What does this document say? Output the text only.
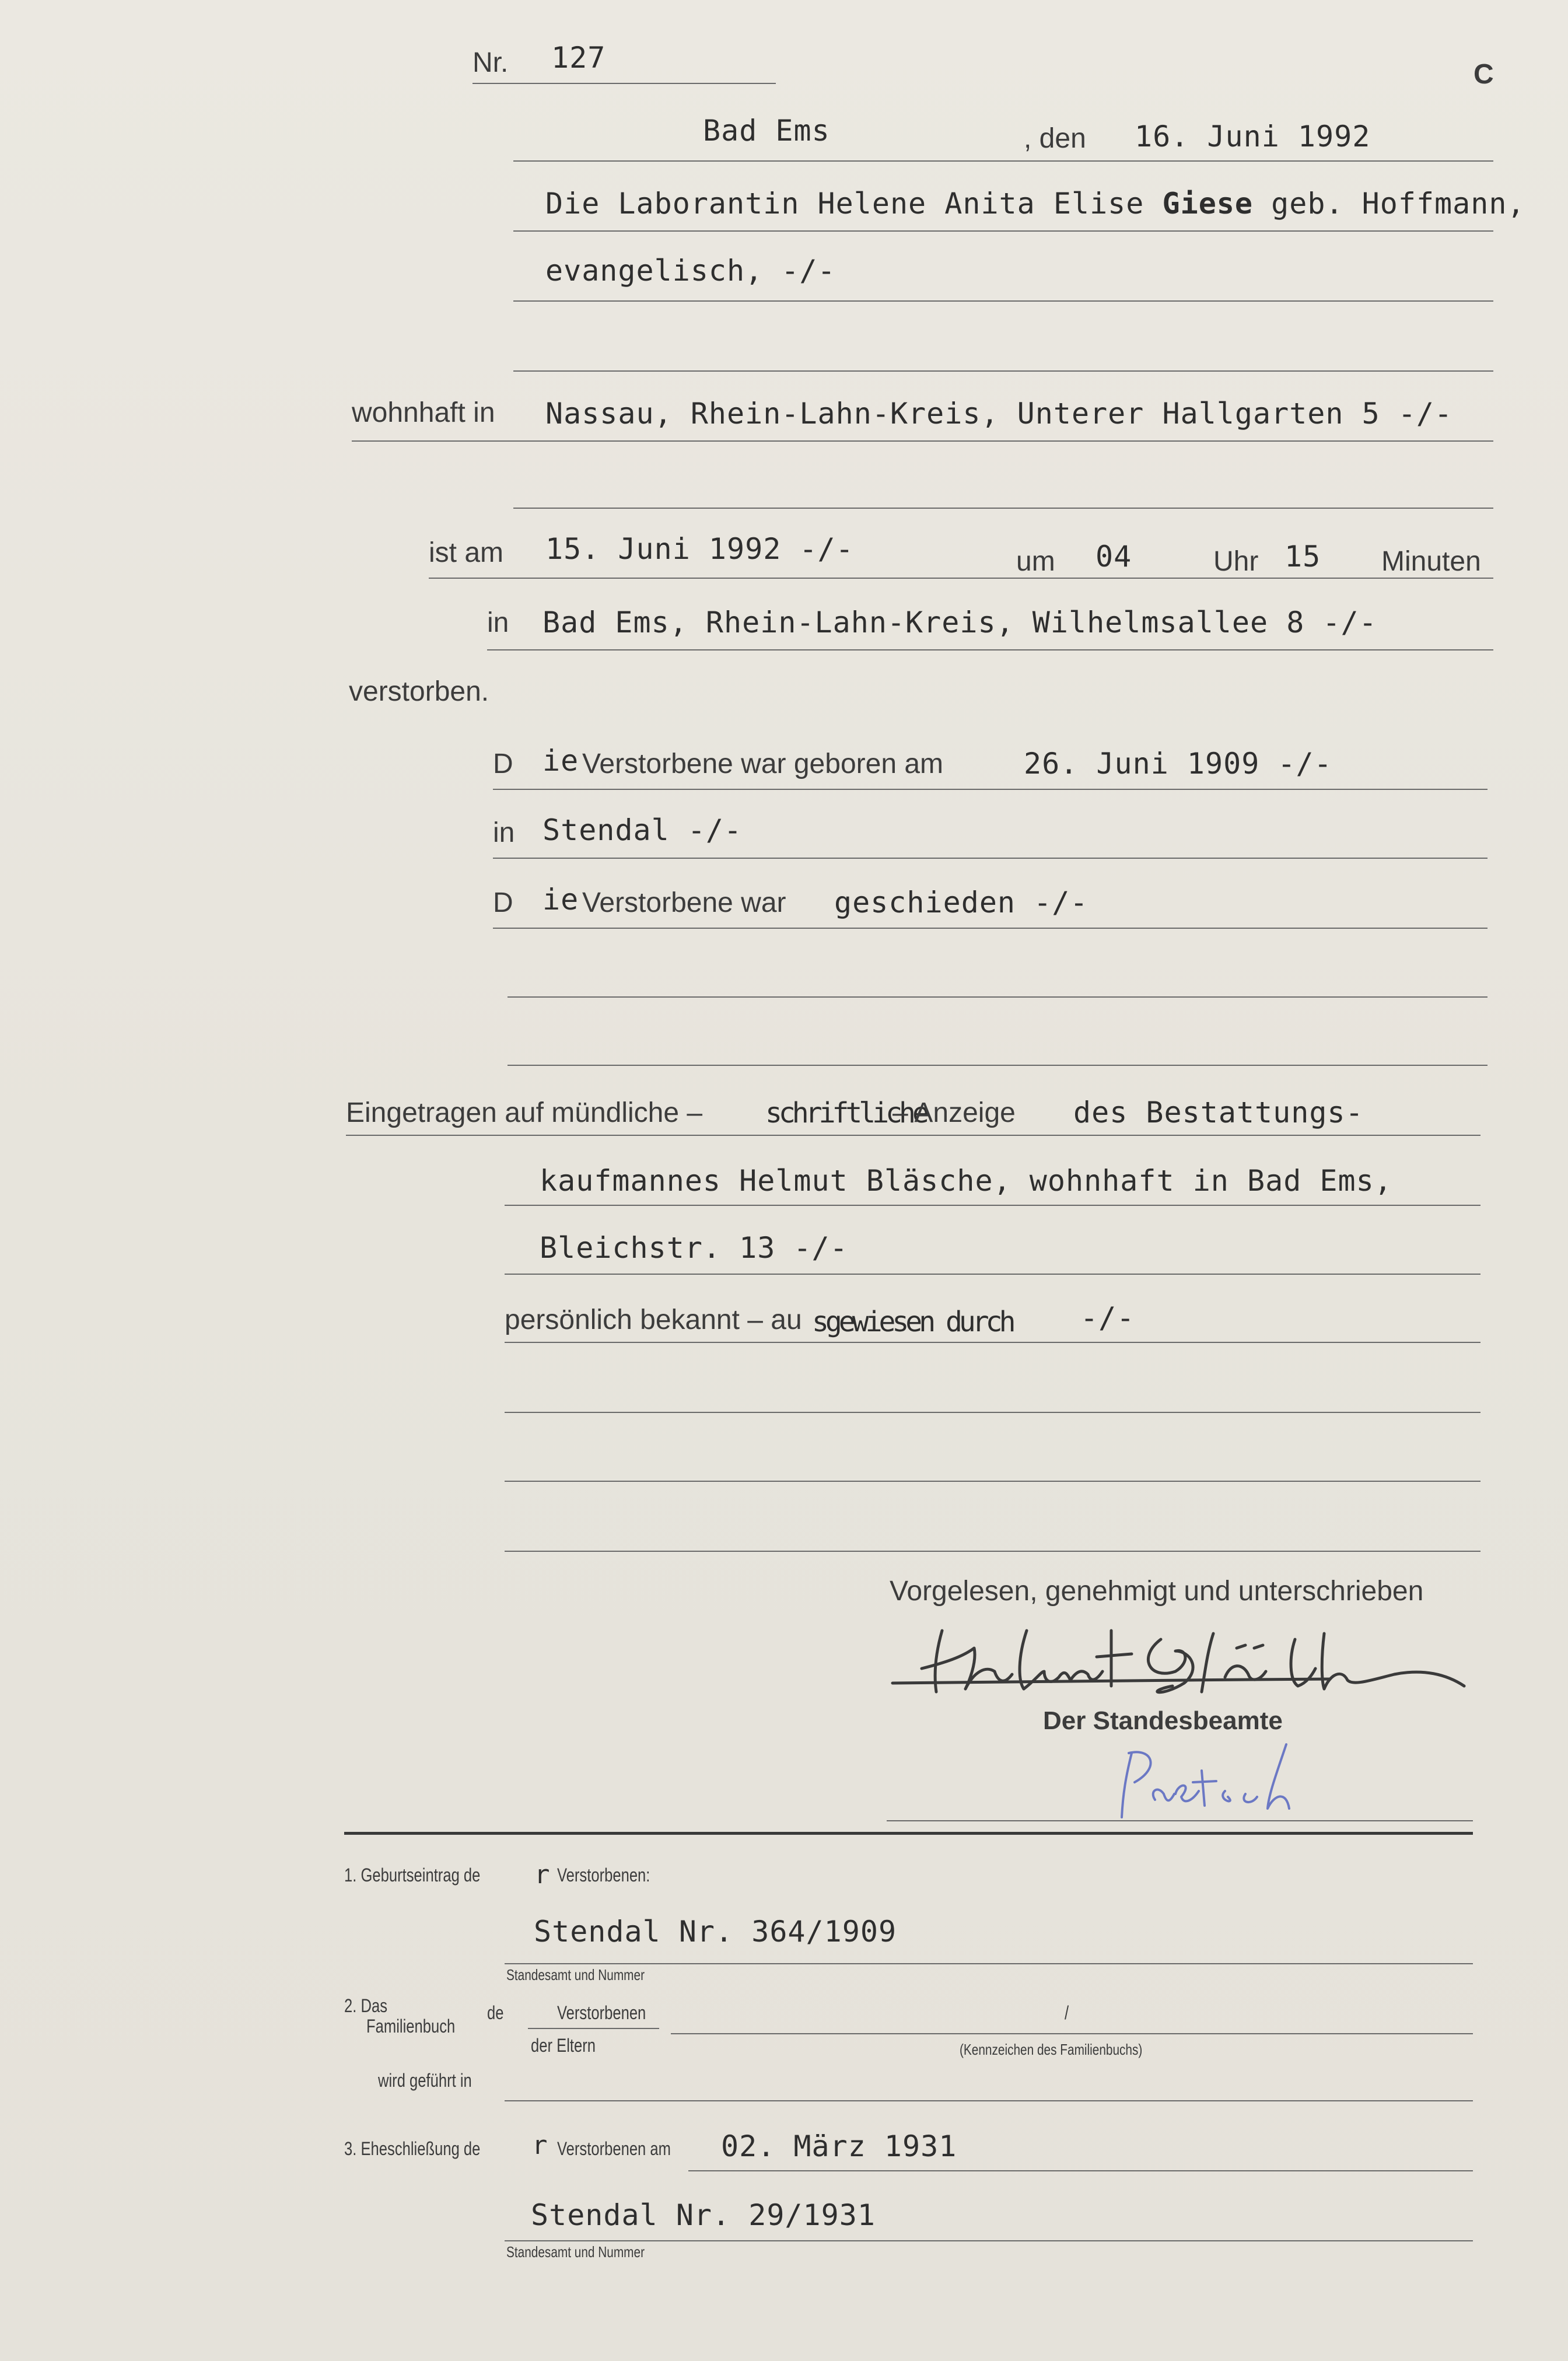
Nr. 127	C
Bad Ems	, den 16. Juni 1992
Die Laborantin Helene Anita Elise Giese geb. Hoffmann,
evangelisch, -/-
wohnhaft in Nassau, Rhein-Lahn-Kreis, Unterer Hallgarten 5 -/-
ist am 15. Juni 1992 -/-	um 04	Uhr 15 Minuten
in Bad Ems, Rhein-Lahn-Kreis, Wilhelmsallee 8 -/-
verstorben.
D ie Verstorbene war geboren am	26. Juni 1909 -/-
in Stendal -/-
D ie Verstorbene war geschieden -/-
Eingetragen auf mündliche – schriftliche
– Anzeige des Bestattungs-
kaufmannes Helmut Bläsche, wohnhaft in Bad Ems,
Bleichstr. 13 -/-
persönlich bekannt – au sgewiesen durch -/-
Vorgelesen, genehmigt und unterschrieben
Der Standesbeamte
1. Geburtseintrag de r Verstorbenen:
Stendal Nr. 364/1909
Standesamt und Nummer
2. Das
Familienbuch
de	Verstorbenen
der Eltern
/
(Kennzeichen des Familienbuchs)
wird geführt in
3. Eheschließung de r Verstorbenen am 02. März 1931
Stendal Nr. 29/1931
Standesamt und Nummer
